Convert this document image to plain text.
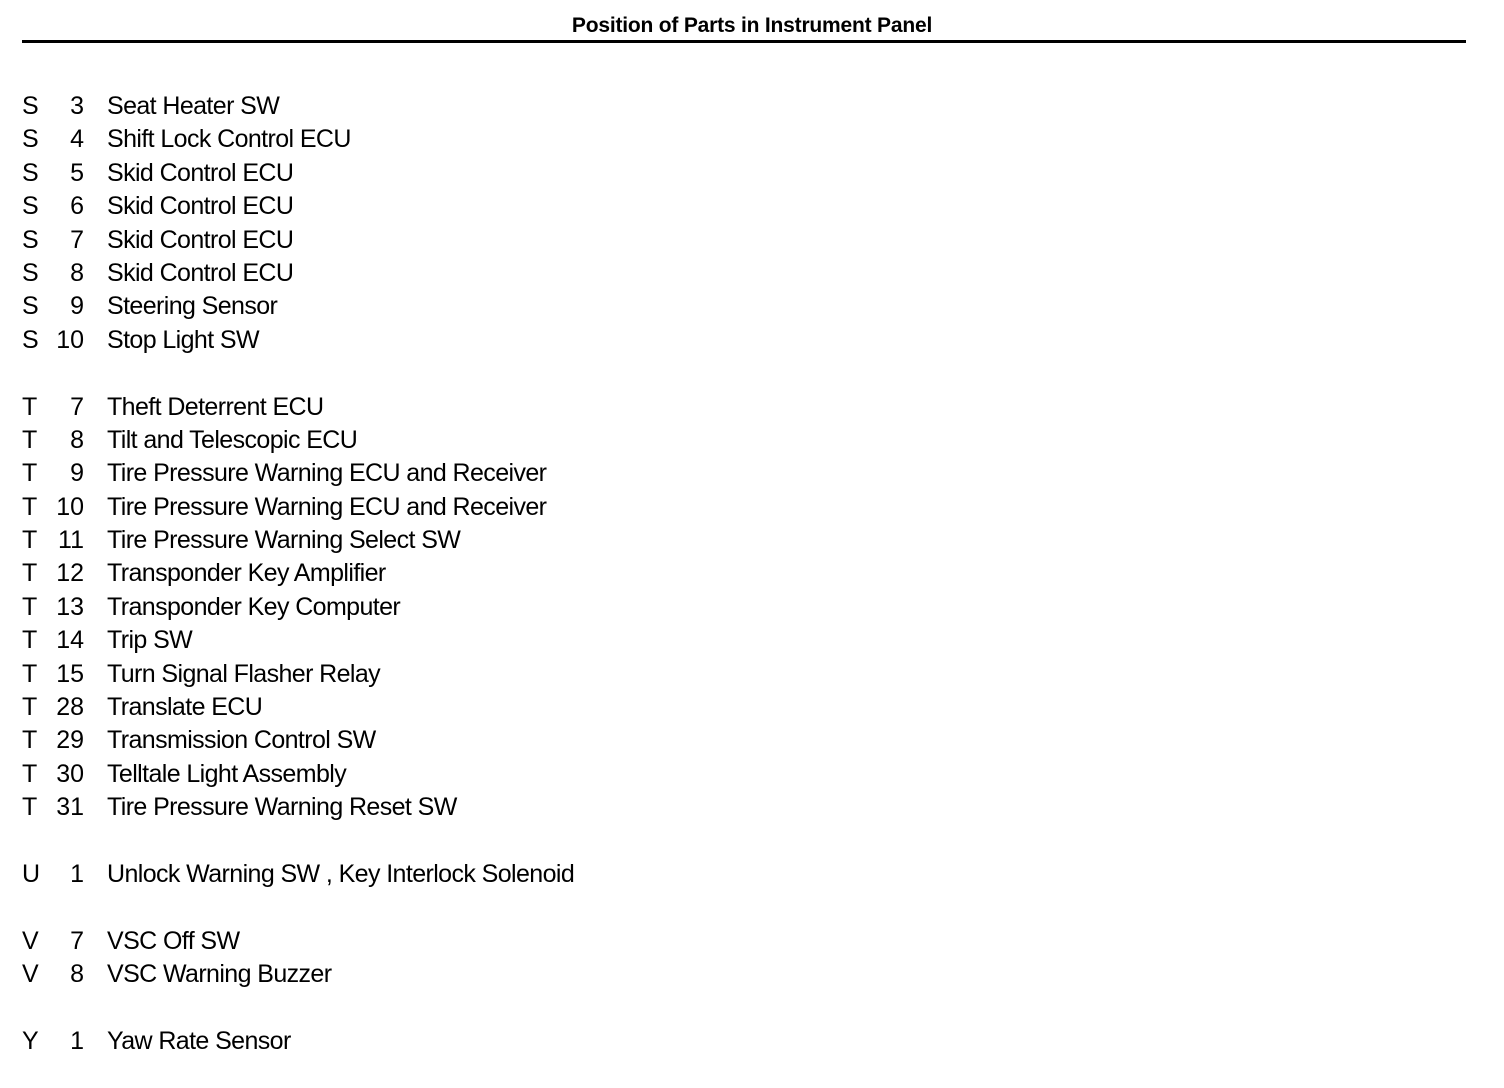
Position of Parts in Instrument Panel
S	3 Seat Heater SW
S	4 Shift Lock Control ECU
S	5 Skid Control ECU
S	6 Skid Control ECU
S	7 Skid Control ECU
S	8 Skid Control ECU
S	9 Steering Sensor
S 10 Stop Light SW
T	7 Theft Deterrent ECU
T	8 Tilt and Telescopic ECU
T	9 Tire Pressure Warning ECU and Receiver
T 10 Tire Pressure Warning ECU and Receiver
T 11 Tire Pressure Warning Select SW
T 12 Transponder Key Amplifier
T 13 Transponder Key Computer
T 14 Trip SW
T 15 Turn Signal Flasher Relay
T 28 Translate ECU
T 29 Transmission Control SW
T 30 Telltale Light Assembly
T 31 Tire Pressure Warning Reset SW
U	1 Unlock Warning SW , Key Interlock Solenoid
V	7 VSC Off SW
V	8 VSC Warning Buzzer
Y	1 Yaw Rate Sensor
